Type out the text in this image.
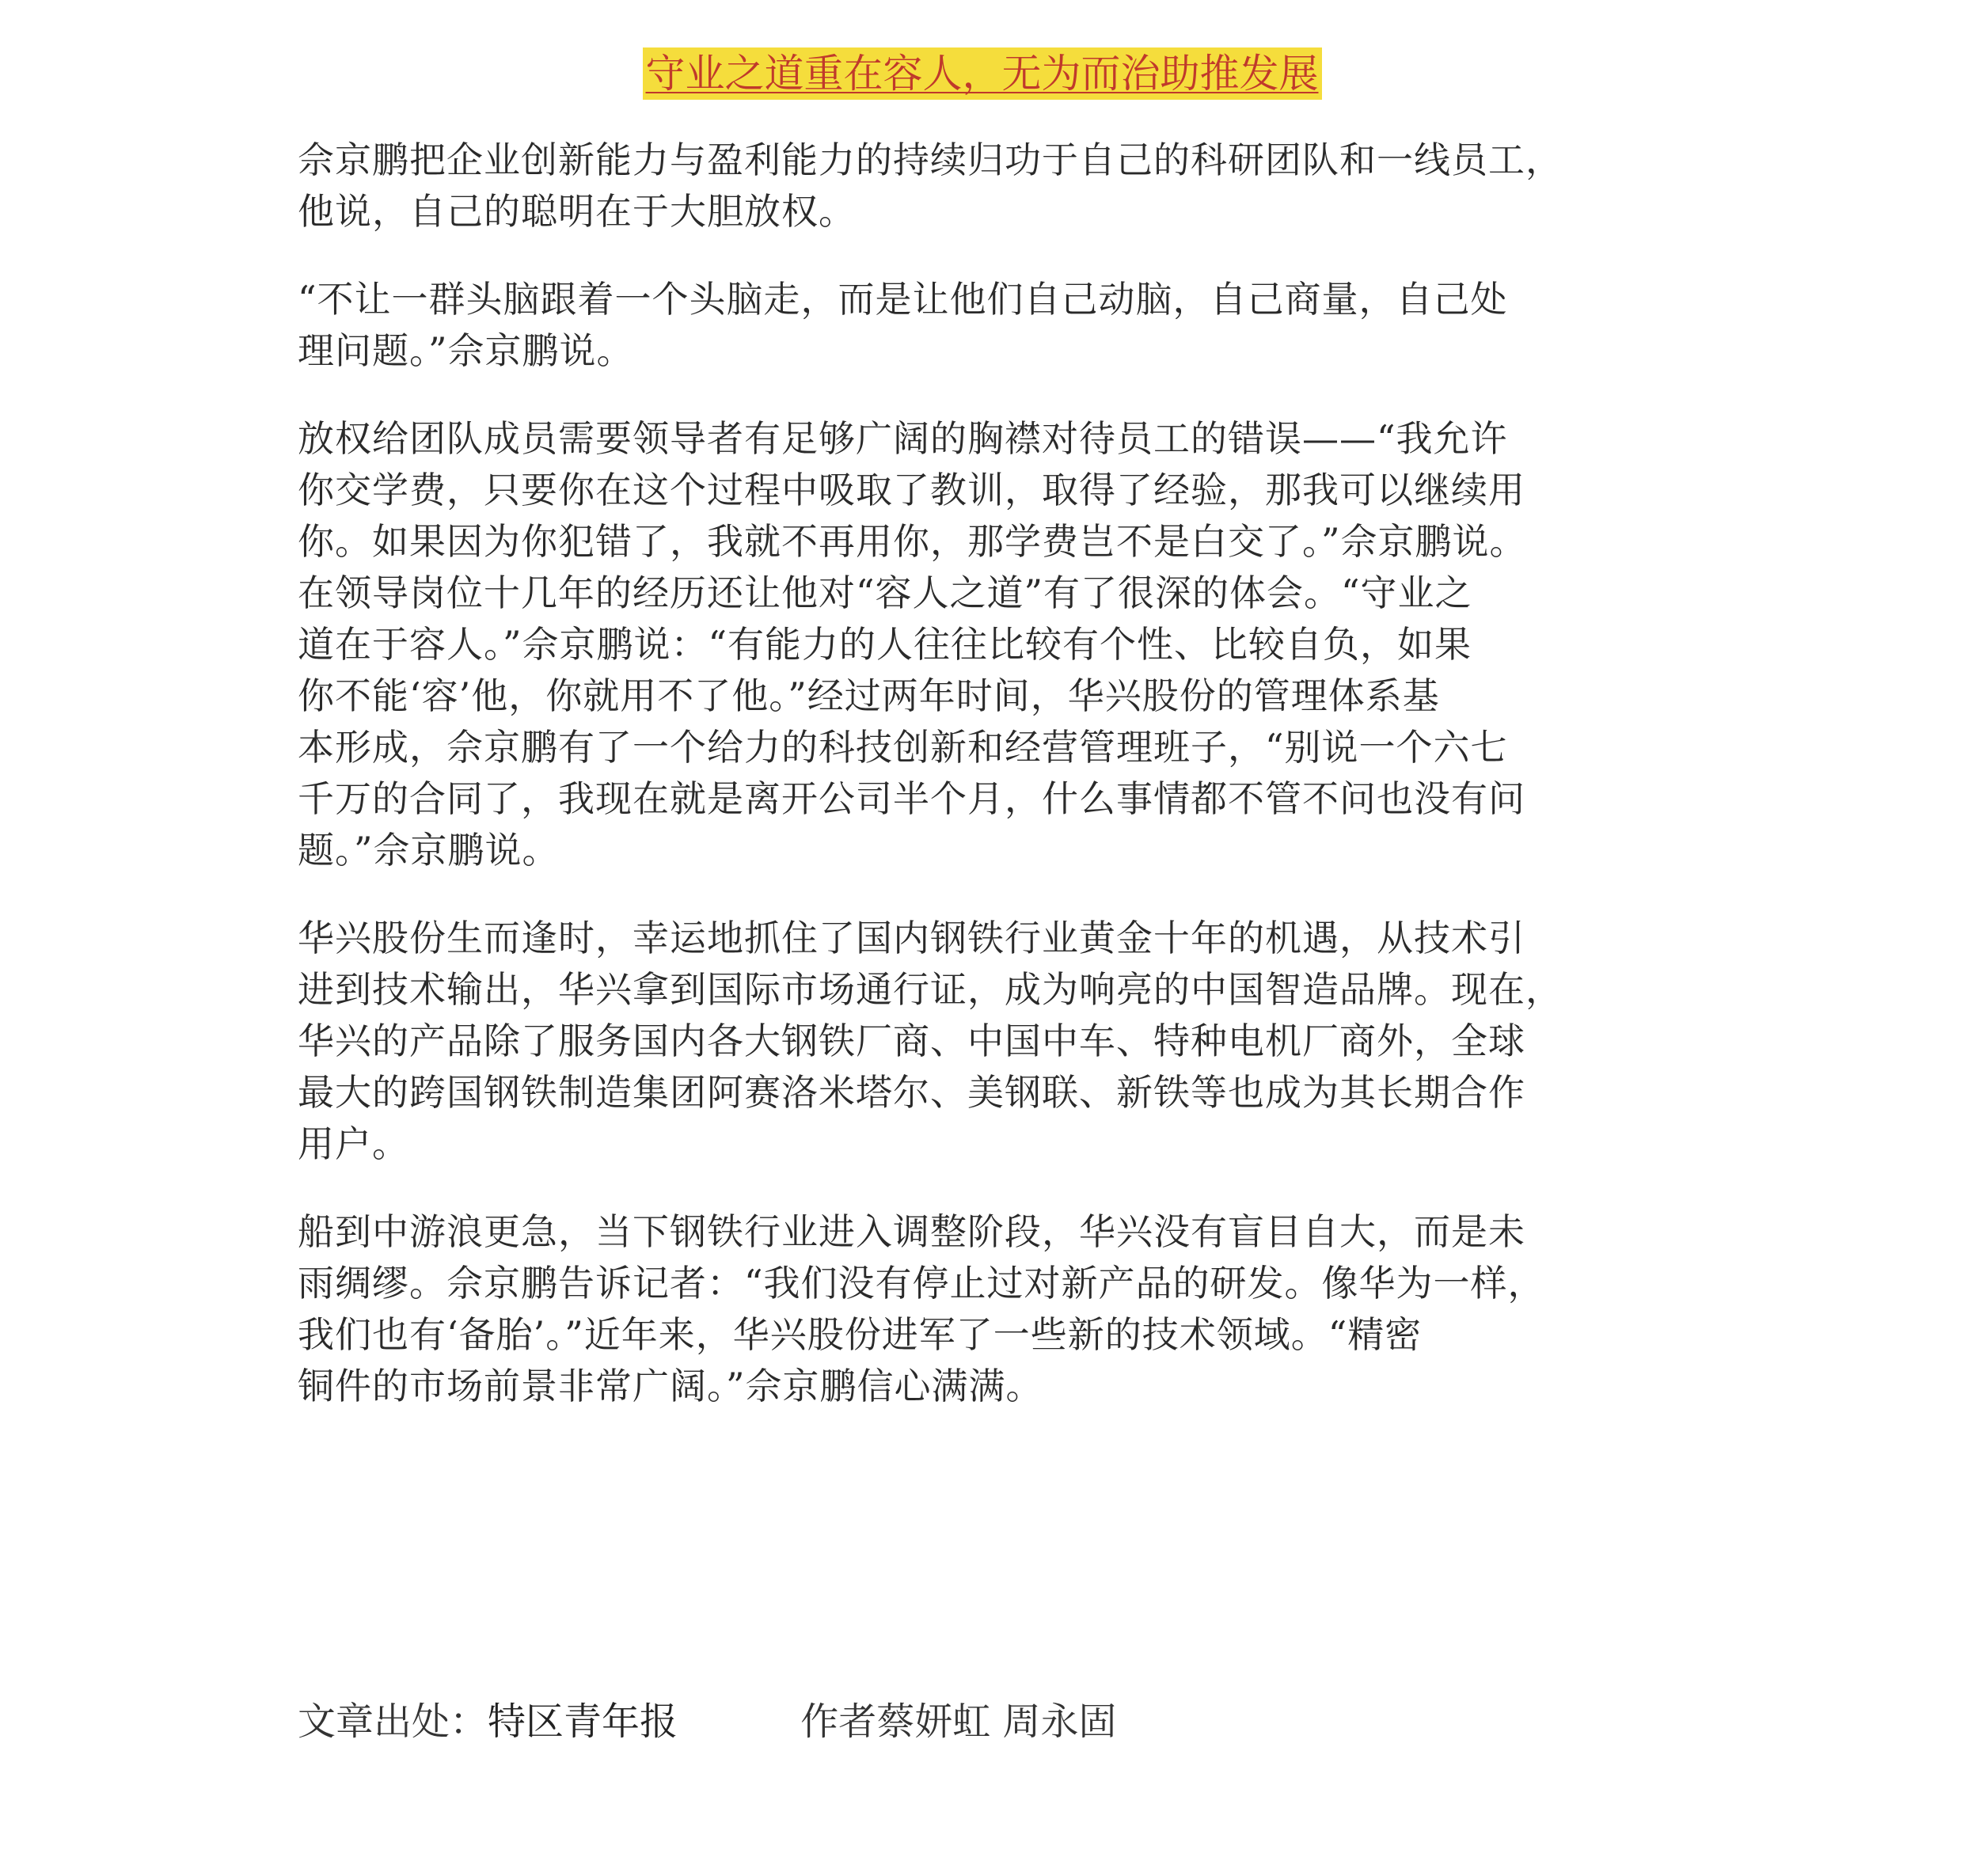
守业之道重在容人，无为而治助推发展

佘京鹏把企业创新能力与盈利能力的持续归功于自己的科研团队和一线员工，
他说，自己的聪明在于大胆放权。

“不让一群头脑跟着一个头脑走，而是让他们自己动脑，自己商量，自己处
理问题。”佘京鹏说。

放权给团队成员需要领导者有足够广阔的胸襟对待员工的错误——“我允许
你交学费，只要你在这个过程中吸取了教训，取得了经验，那我可以继续用
你。如果因为你犯错了，我就不再用你，那学费岂不是白交了。”佘京鹏说。
在领导岗位十几年的经历还让他对“容人之道”有了很深的体会。“守业之
道在于容人。”佘京鹏说：“有能力的人往往比较有个性、比较自负，如果
你不能‘容’他，你就用不了他。”经过两年时间，华兴股份的管理体系基
本形成，佘京鹏有了一个给力的科技创新和经营管理班子，“别说一个六七
千万的合同了，我现在就是离开公司半个月，什么事情都不管不问也没有问
题。”佘京鹏说。

华兴股份生而逢时，幸运地抓住了国内钢铁行业黄金十年的机遇，从技术引
进到技术输出，华兴拿到国际市场通行证，成为响亮的中国智造品牌。现在，
华兴的产品除了服务国内各大钢铁厂商、中国中车、特种电机厂商外，全球
最大的跨国钢铁制造集团阿赛洛米塔尔、美钢联、新铁等也成为其长期合作
用户。

船到中游浪更急，当下钢铁行业进入调整阶段，华兴没有盲目自大，而是未
雨绸缪。佘京鹏告诉记者：“我们没有停止过对新产品的研发。像华为一样，
我们也有‘备胎’。”近年来，华兴股份进军了一些新的技术领域。“精密
铜件的市场前景非常广阔。”佘京鹏信心满满。

文章出处：特区青年报	作者蔡妍虹 周永固
